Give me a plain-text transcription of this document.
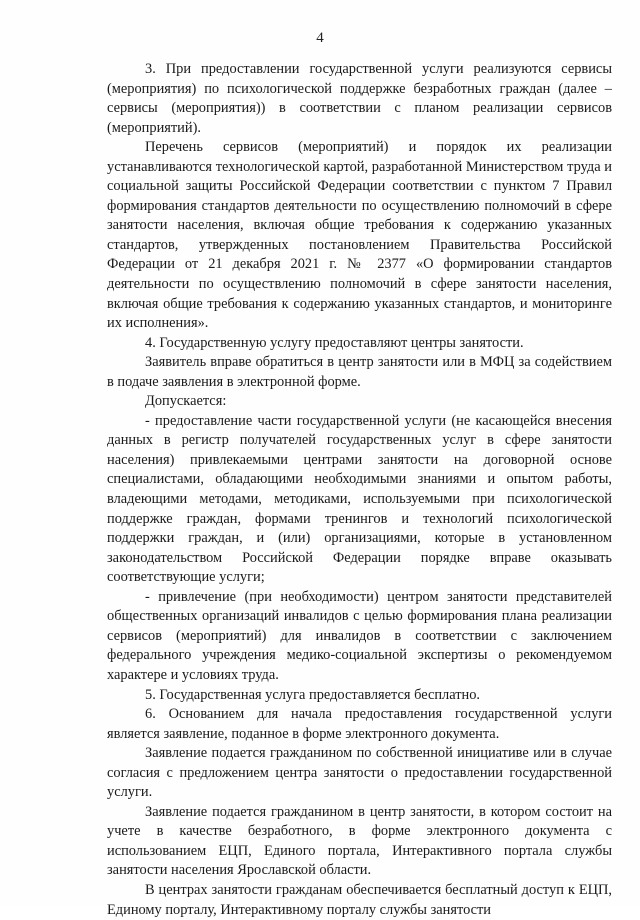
4

3. При предоставлении государственной услуги реализуются сервисы (мероприятия) по психологической поддержке безработных граждан (далее – сервисы (мероприятия)) в соответствии с планом реализации сервисов (мероприятий).

Перечень сервисов (мероприятий) и порядок их реализации устанавливаются технологической картой, разработанной Министерством труда и социальной защиты Российской Федерации соответствии с пунктом 7 Правил формирования стандартов деятельности по осуществлению полномочий в сфере занятости населения, включая общие требования к содержанию указанных стандартов, утвержденных постановлением Правительства Российской Федерации от 21 декабря 2021 г. № 2377 «О формировании стандартов деятельности по осуществлению полномочий в сфере занятости населения, включая общие требования к содержанию указанных стандартов, и мониторинге их исполнения».

4. Государственную услугу предоставляют центры занятости.

Заявитель вправе обратиться в центр занятости или в МФЦ за содействием в подаче заявления в электронной форме.

Допускается:

- предоставление части государственной услуги (не касающейся внесения данных в регистр получателей государственных услуг в сфере занятости населения) привлекаемыми центрами занятости на договорной основе специалистами, обладающими необходимыми знаниями и опытом работы, владеющими методами, методиками, используемыми при психологической поддержке граждан, формами тренингов и технологий психологической поддержки граждан, и (или) организациями, которые в установленном законодательством Российской Федерации порядке вправе оказывать соответствующие услуги;

- привлечение (при необходимости) центром занятости представителей общественных организаций инвалидов с целью формирования плана реализации сервисов (мероприятий) для инвалидов в соответствии с заключением федерального учреждения медико-социальной экспертизы о рекомендуемом характере и условиях труда.

5. Государственная услуга предоставляется бесплатно.

6. Основанием для начала предоставления государственной услуги является заявление, поданное в форме электронного документа.

Заявление подается гражданином по собственной инициативе или в случае согласия с предложением центра занятости о предоставлении государственной услуги.

Заявление подается гражданином в центр занятости, в котором состоит на учете в качестве безработного, в форме электронного документа с использованием ЕЦП, Единого портала, Интерактивного портала службы занятости населения Ярославской области.

В центрах занятости гражданам обеспечивается бесплатный доступ к ЕЦП, Единому порталу, Интерактивному порталу службы занятости
